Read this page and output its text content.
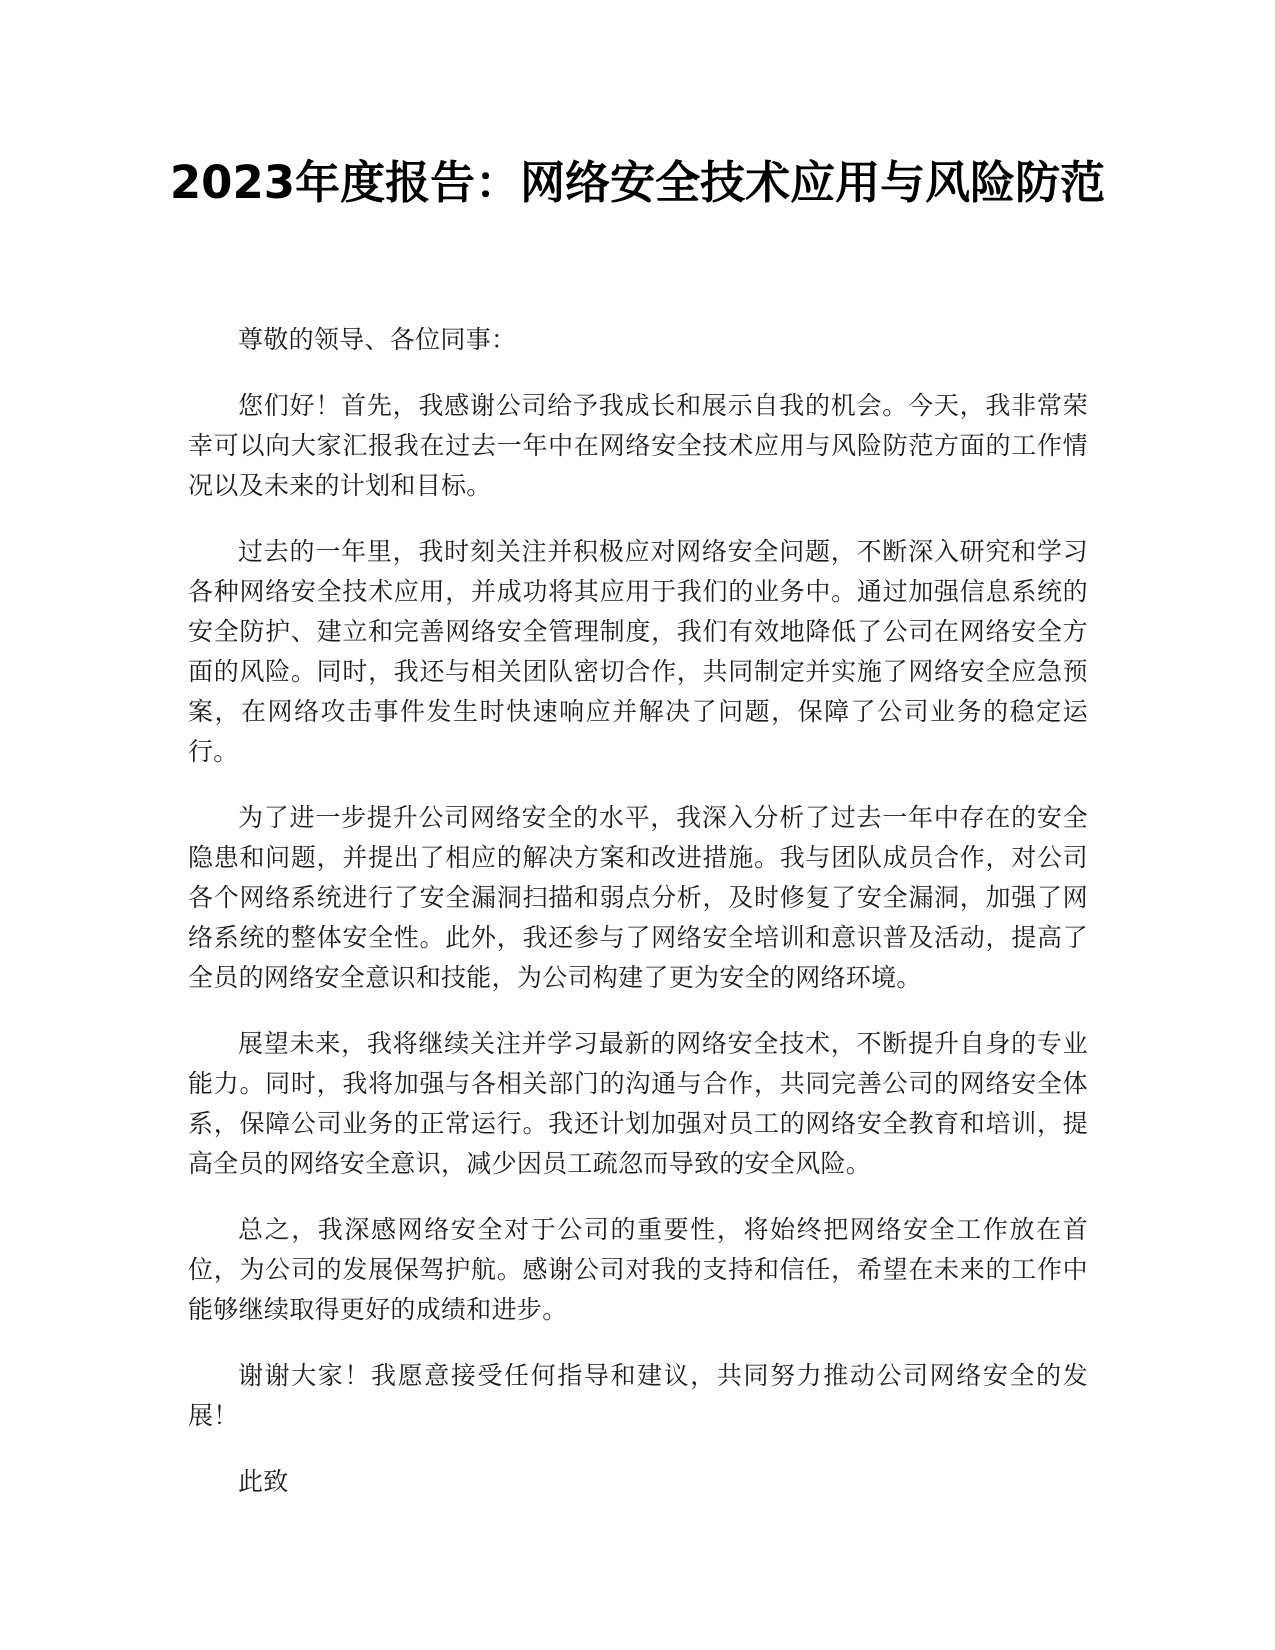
2023年度报告：网络安全技术应用与风险防范

尊敬的领导、各位同事：

您们好！首先，我感谢公司给予我成长和展示自我的机会。今天，我非常荣幸可以向大家汇报我在过去一年中在网络安全技术应用与风险防范方面的工作情况以及未来的计划和目标。

过去的一年里，我时刻关注并积极应对网络安全问题，不断深入研究和学习各种网络安全技术应用，并成功将其应用于我们的业务中。通过加强信息系统的安全防护、建立和完善网络安全管理制度，我们有效地降低了公司在网络安全方面的风险。同时，我还与相关团队密切合作，共同制定并实施了网络安全应急预案，在网络攻击事件发生时快速响应并解决了问题，保障了公司业务的稳定运行。

为了进一步提升公司网络安全的水平，我深入分析了过去一年中存在的安全隐患和问题，并提出了相应的解决方案和改进措施。我与团队成员合作，对公司各个网络系统进行了安全漏洞扫描和弱点分析，及时修复了安全漏洞，加强了网络系统的整体安全性。此外，我还参与了网络安全培训和意识普及活动，提高了全员的网络安全意识和技能，为公司构建了更为安全的网络环境。

展望未来，我将继续关注并学习最新的网络安全技术，不断提升自身的专业能力。同时，我将加强与各相关部门的沟通与合作，共同完善公司的网络安全体系，保障公司业务的正常运行。我还计划加强对员工的网络安全教育和培训，提高全员的网络安全意识，减少因员工疏忽而导致的安全风险。

总之，我深感网络安全对于公司的重要性，将始终把网络安全工作放在首位，为公司的发展保驾护航。感谢公司对我的支持和信任，希望在未来的工作中能够继续取得更好的成绩和进步。

谢谢大家！我愿意接受任何指导和建议，共同努力推动公司网络安全的发展！

此致
